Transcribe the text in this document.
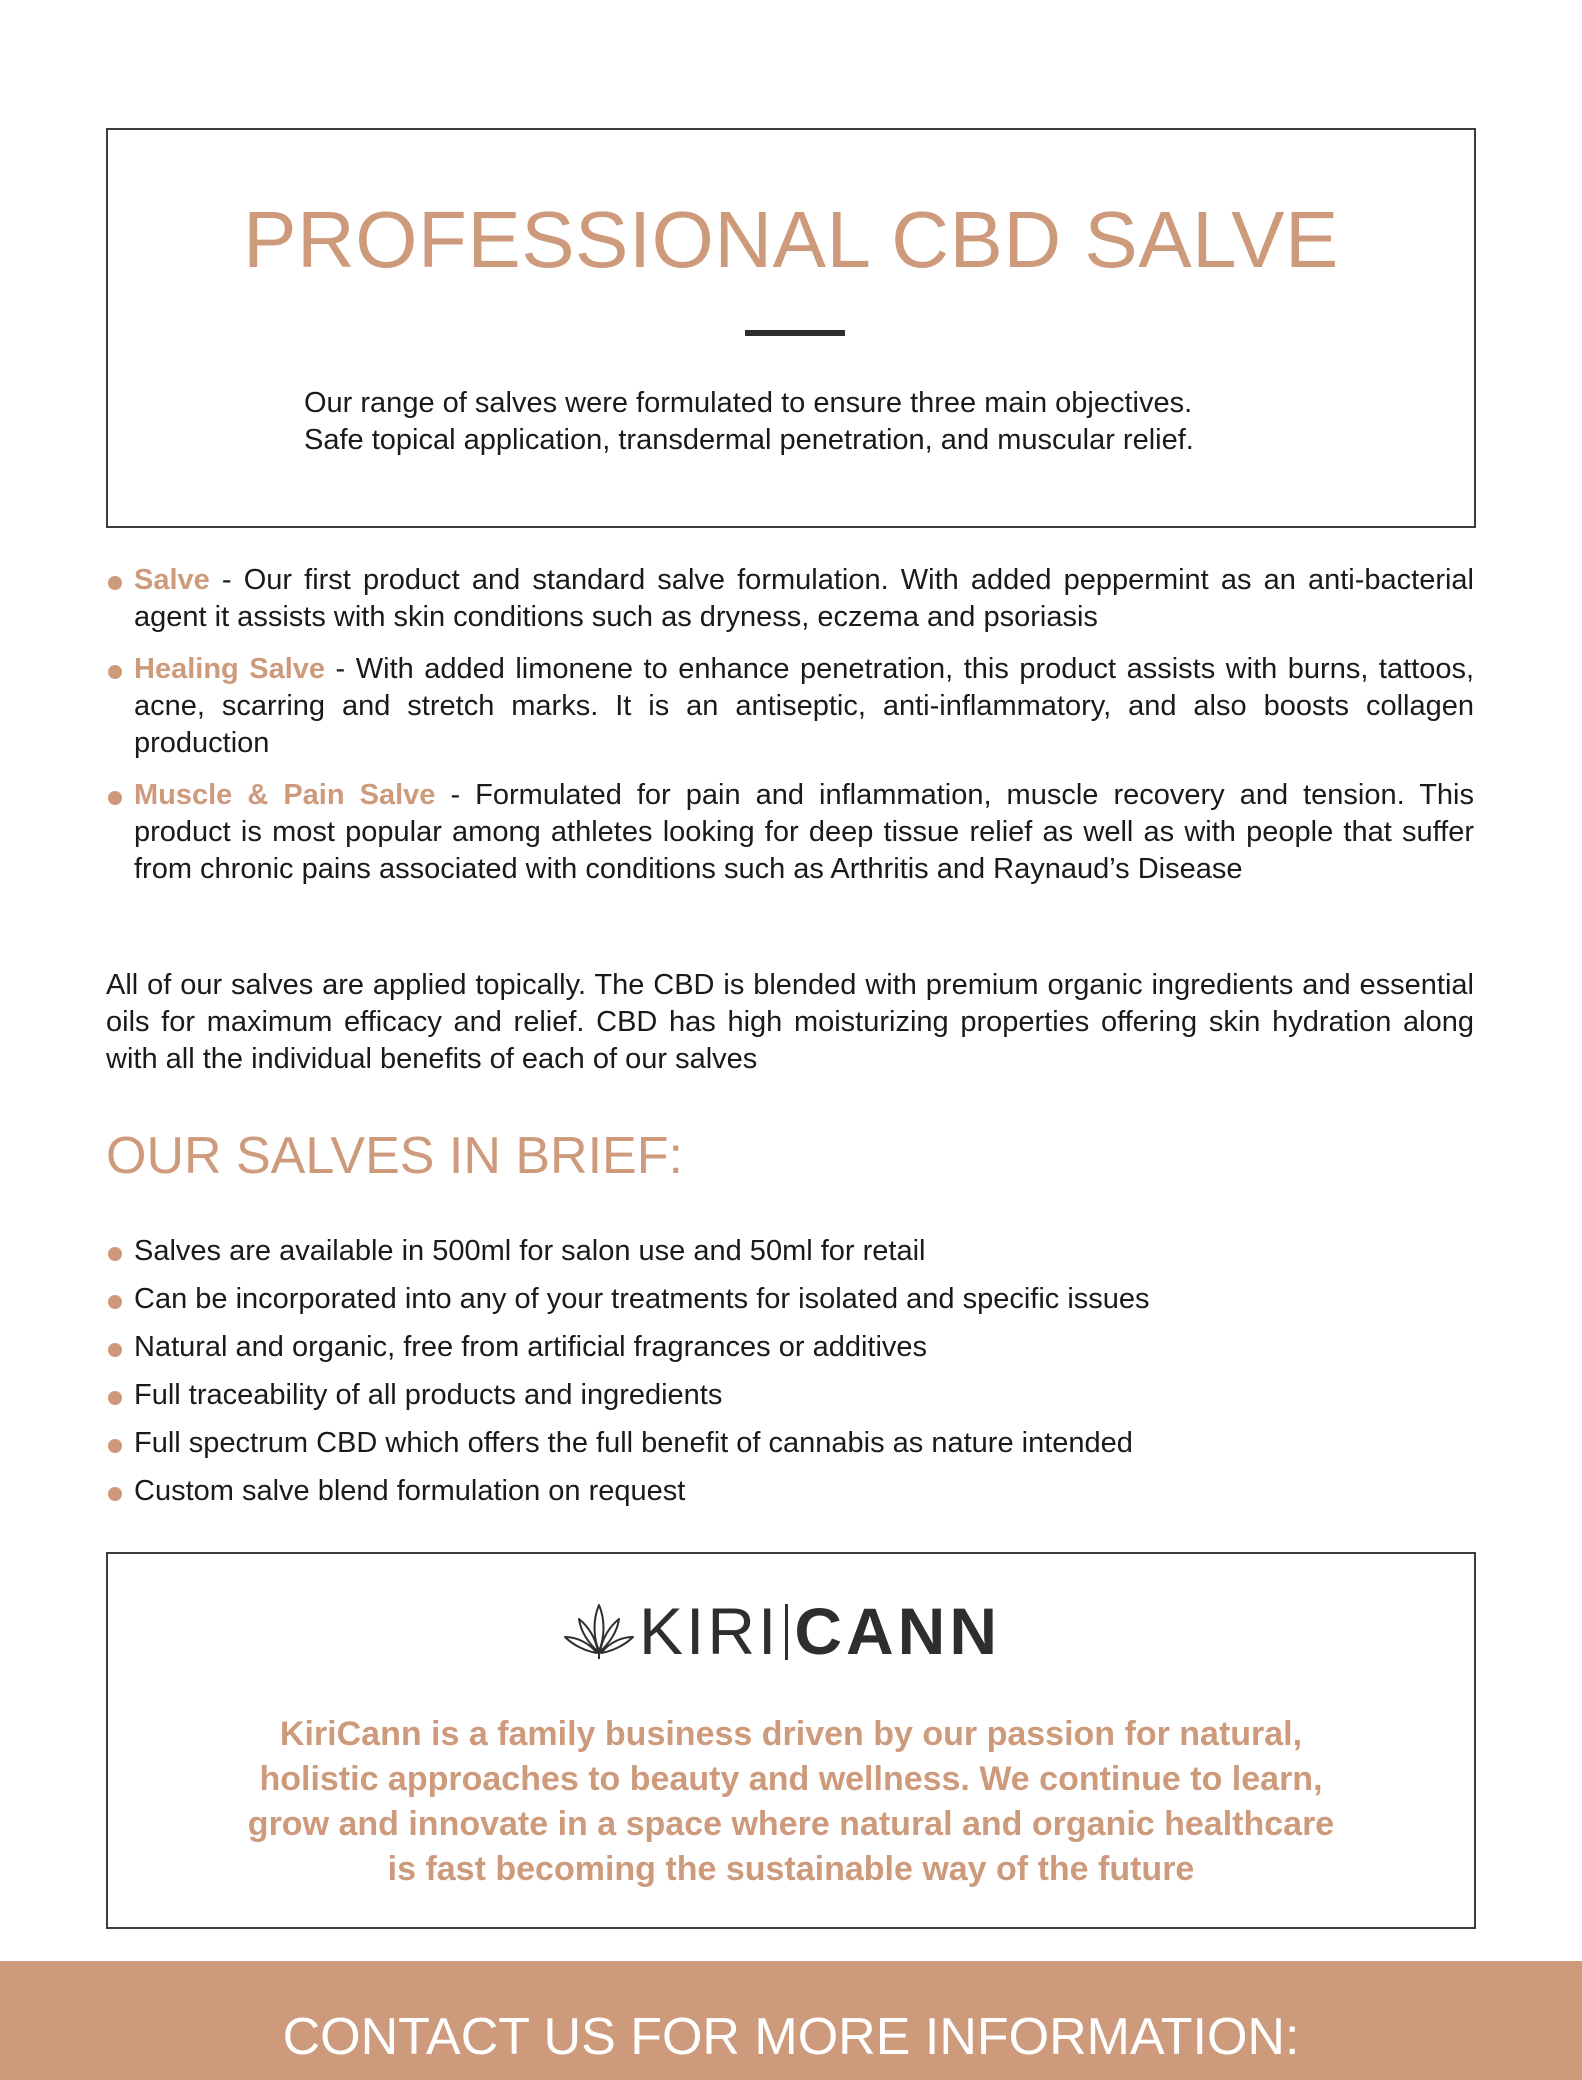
PROFESSIONAL CBD SALVE

Our range of salves were formulated to ensure three main objectives.
Safe topical application, transdermal penetration, and muscular relief.

Salve - Our first product and standard salve formulation. With added peppermint as an anti-bacterial agent it assists with skin conditions such as dryness, eczema and psoriasis
Healing Salve - With added limonene to enhance penetration, this product assists with burns, tattoos, acne, scarring and stretch marks. It is an antiseptic, anti-inflammatory, and also boosts collagen production
Muscle & Pain Salve - Formulated for pain and inflammation, muscle recovery and tension. This product is most popular among athletes looking for deep tissue relief as well as with people that suffer from chronic pains associated with conditions such as Arthritis and Raynaud’s Disease

All of our salves are applied topically. The CBD is blended with premium organic ingredients and essential oils for maximum efficacy and relief. CBD has high moisturizing properties offering skin hydration along with all the individual benefits of each of our salves

OUR SALVES IN BRIEF:
Salves are available in 500ml for salon use and 50ml for retail
Can be incorporated into any of your treatments for isolated and specific issues
Natural and organic, free from artificial fragrances or additives
Full traceability of all products and ingredients
Full spectrum CBD which offers the full benefit of cannabis as nature intended
Custom salve blend formulation on request
KIRI CANN

KiriCann is a family business driven by our passion for natural,
holistic approaches to beauty and wellness. We continue to learn,
grow and innovate in a space where natural and organic healthcare
is fast becoming the sustainable way of the future

CONTACT US FOR MORE INFORMATION:
